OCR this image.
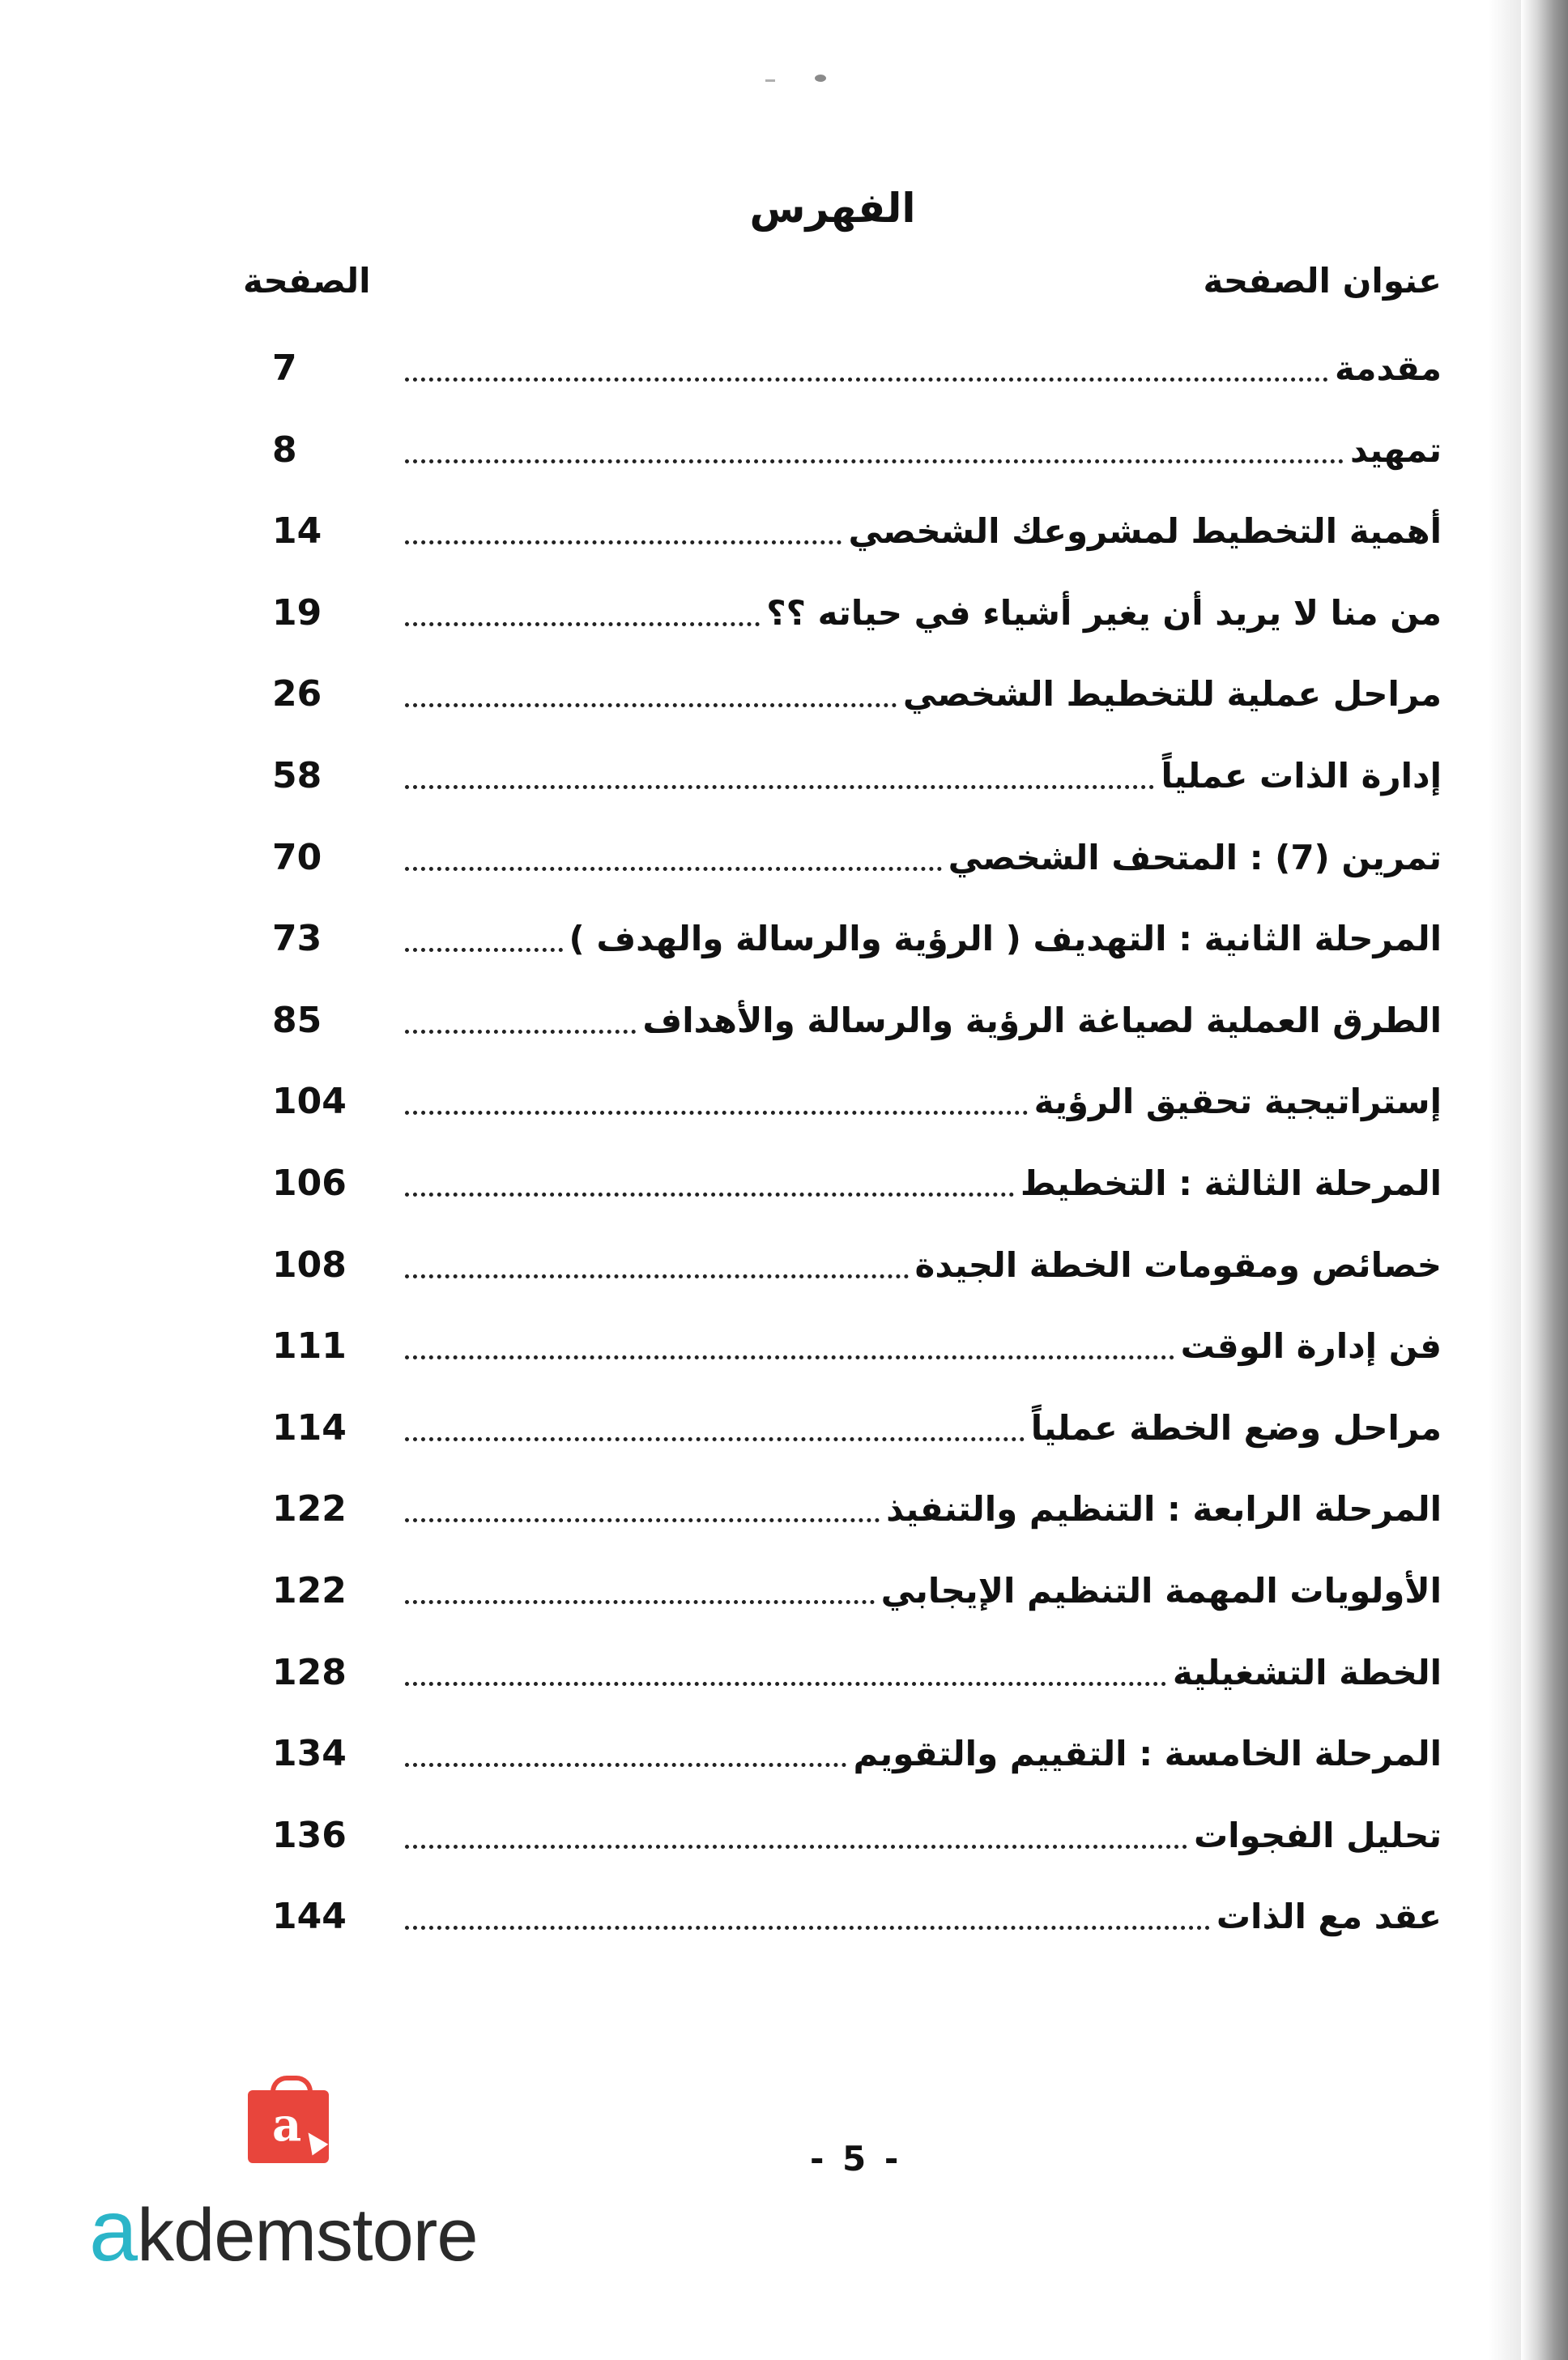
الفهرس
عنوان الصفحة
الصفحة
مقدمة
7
تمهيد
8
أهمية التخطيط لمشروعك الشخصي
14
من منا لا يريد أن يغير أشياء في حياته ؟؟
19
مراحل عملية للتخطيط الشخصي
26
إدارة الذات عملياً
58
تمرين (7) : المتحف الشخصي
70
المرحلة الثانية : التهديف ( الرؤية والرسالة والهدف )
73
الطرق العملية لصياغة الرؤية والرسالة والأهداف
85
إستراتيجية تحقيق الرؤية
104
المرحلة الثالثة : التخطيط
106
خصائص ومقومات الخطة الجيدة
108
فن إدارة الوقت
111
مراحل وضع الخطة عملياً
114
المرحلة الرابعة : التنظيم والتنفيذ
122
الأولويات المهمة التنظيم الإيجابي
122
الخطة التشغيلية
128
المرحلة الخامسة : التقييم والتقويم
134
تحليل الفجوات
136
عقد مع الذات
144
- 5 -
a
akdemstore
